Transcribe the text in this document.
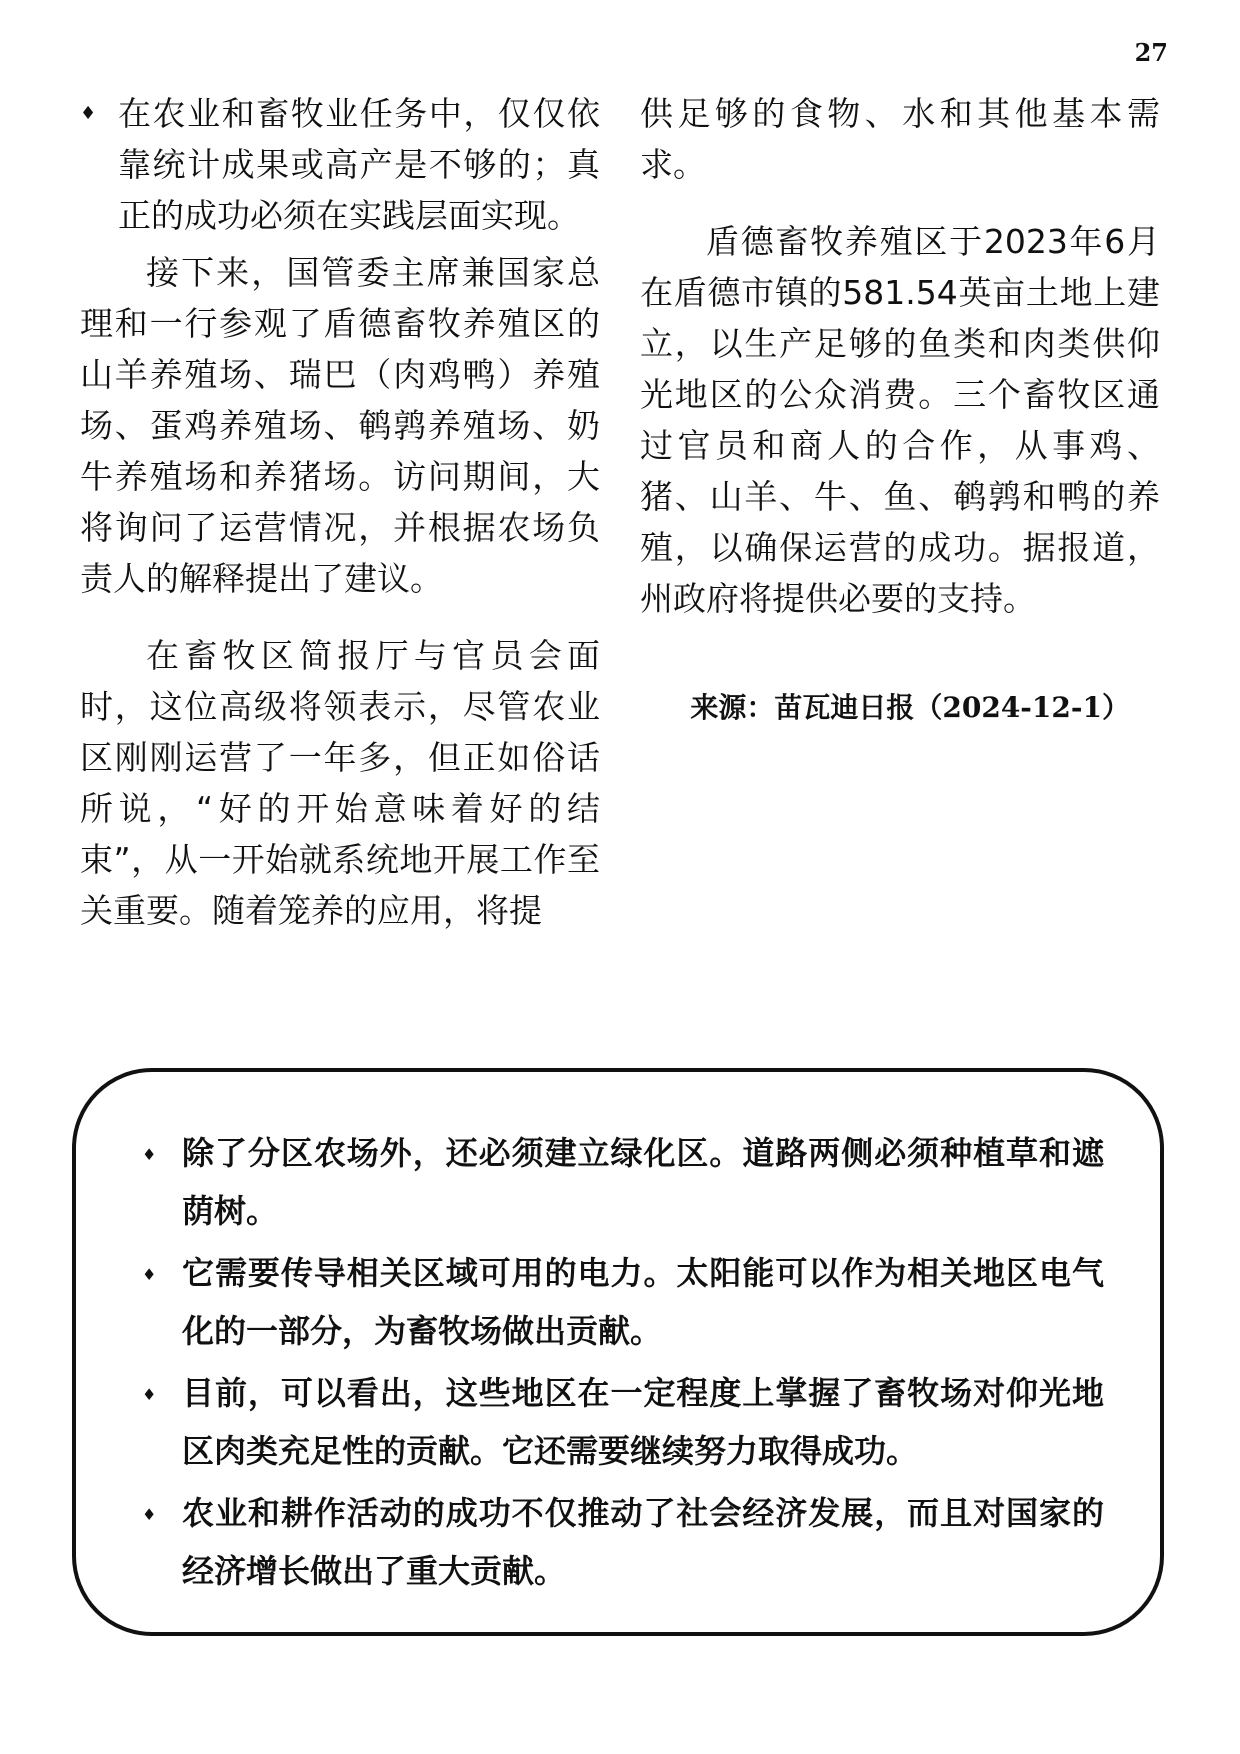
27
♦ 在农业和畜牧业任务中，仅仅依靠统计成果或高产是不够的；真正的成功必须在实践层面实现。

接下来，国管委主席兼国家总理和一行参观了盾德畜牧养殖区的山羊养殖场、瑞巴（肉鸡鸭）养殖场、蛋鸡养殖场、鹌鹑养殖场、奶牛养殖场和养猪场。访问期间，大将询问了运营情况，并根据农场负责人的解释提出了建议。

在畜牧区简报厅与官员会面时，这位高级将领表示，尽管农业区刚刚运营了一年多，但正如俗话所说，“好的开始意味着好的结束”，从一开始就系统地开展工作至关重要。随着笼养的应用，将提

供足够的食物、水和其他基本需求。

盾德畜牧养殖区于2023年6月在盾德市镇的581.54英亩土地上建立，以生产足够的鱼类和肉类供仰光地区的公众消费。三个畜牧区通过官员和商人的合作，从事鸡、猪、山羊、牛、鱼、鹌鹑和鸭的养殖，以确保运营的成功。据报道，州政府将提供必要的支持。

来源：苗瓦迪日报（2024-12-1）
♦ 除了分区农场外，还必须建立绿化区。道路两侧必须种植草和遮荫树。
♦ 它需要传导相关区域可用的电力。太阳能可以作为相关地区电气化的一部分，为畜牧场做出贡献。
♦ 目前，可以看出，这些地区在一定程度上掌握了畜牧场对仰光地区肉类充足性的贡献。它还需要继续努力取得成功。
♦ 农业和耕作活动的成功不仅推动了社会经济发展，而且对国家的经济增长做出了重大贡献。
